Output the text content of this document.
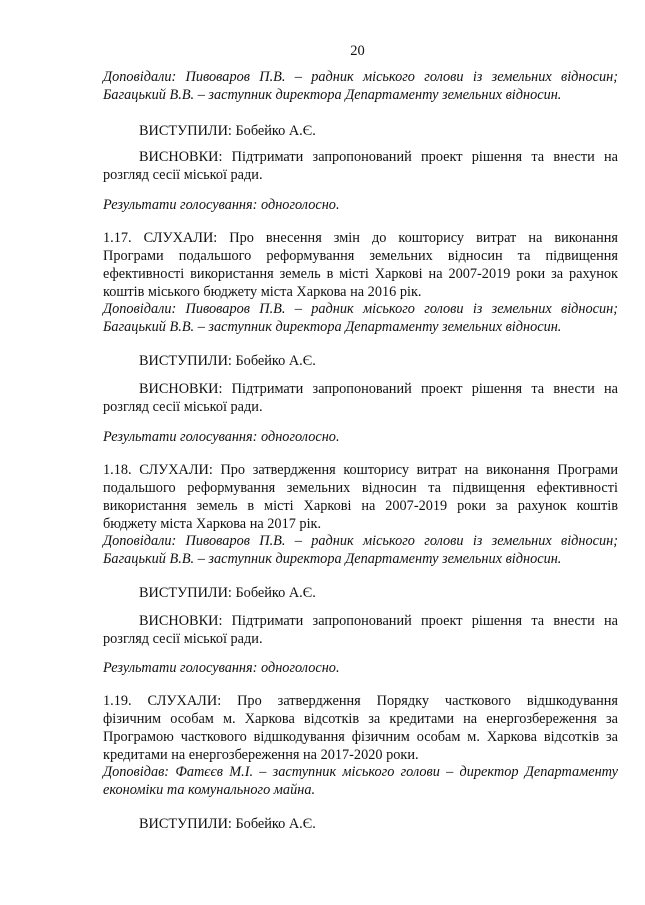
20
Доповідали: Пивоваров П.В. – радник міського голови із земельних відносин;
Багацький В.В. – заступник директора Департаменту земельних відносин.
ВИСТУПИЛИ: Бобейко А.Є.
ВИСНОВКИ: Підтримати запропонований проект рішення та внести на
розгляд сесії міської ради.
Результати голосування: одноголосно.
1.17. СЛУХАЛИ: Про внесення змін до кошторису витрат на виконання
Програми подальшого реформування земельних відносин та підвищення
ефективності використання земель в місті Харкові на 2007-2019 роки за рахунок
коштів міського бюджету міста Харкова на 2016 рік.
Доповідали: Пивоваров П.В. – радник міського голови із земельних відносин;
Багацький В.В. – заступник директора Департаменту земельних відносин.
ВИСТУПИЛИ: Бобейко А.Є.
ВИСНОВКИ: Підтримати запропонований проект рішення та внести на
розгляд сесії міської ради.
Результати голосування: одноголосно.
1.18. СЛУХАЛИ: Про затвердження кошторису витрат на виконання Програми
подальшого реформування земельних відносин та підвищення ефективності
використання земель в місті Харкові на 2007-2019 роки за рахунок коштів
бюджету міста Харкова на 2017 рік.
Доповідали: Пивоваров П.В. – радник міського голови із земельних відносин;
Багацький В.В. – заступник директора Департаменту земельних відносин.
ВИСТУПИЛИ: Бобейко А.Є.
ВИСНОВКИ: Підтримати запропонований проект рішення та внести на
розгляд сесії міської ради.
Результати голосування: одноголосно.
1.19. СЛУХАЛИ: Про затвердження Порядку часткового відшкодування
фізичним особам м. Харкова відсотків за кредитами на енергозбереження за
Програмою часткового відшкодування фізичним особам м. Харкова відсотків за
кредитами на енергозбереження на 2017-2020 роки.
Доповідав: Фатєєв М.І. – заступник міського голови – директор Департаменту
економіки та комунального майна.
ВИСТУПИЛИ: Бобейко А.Є.
